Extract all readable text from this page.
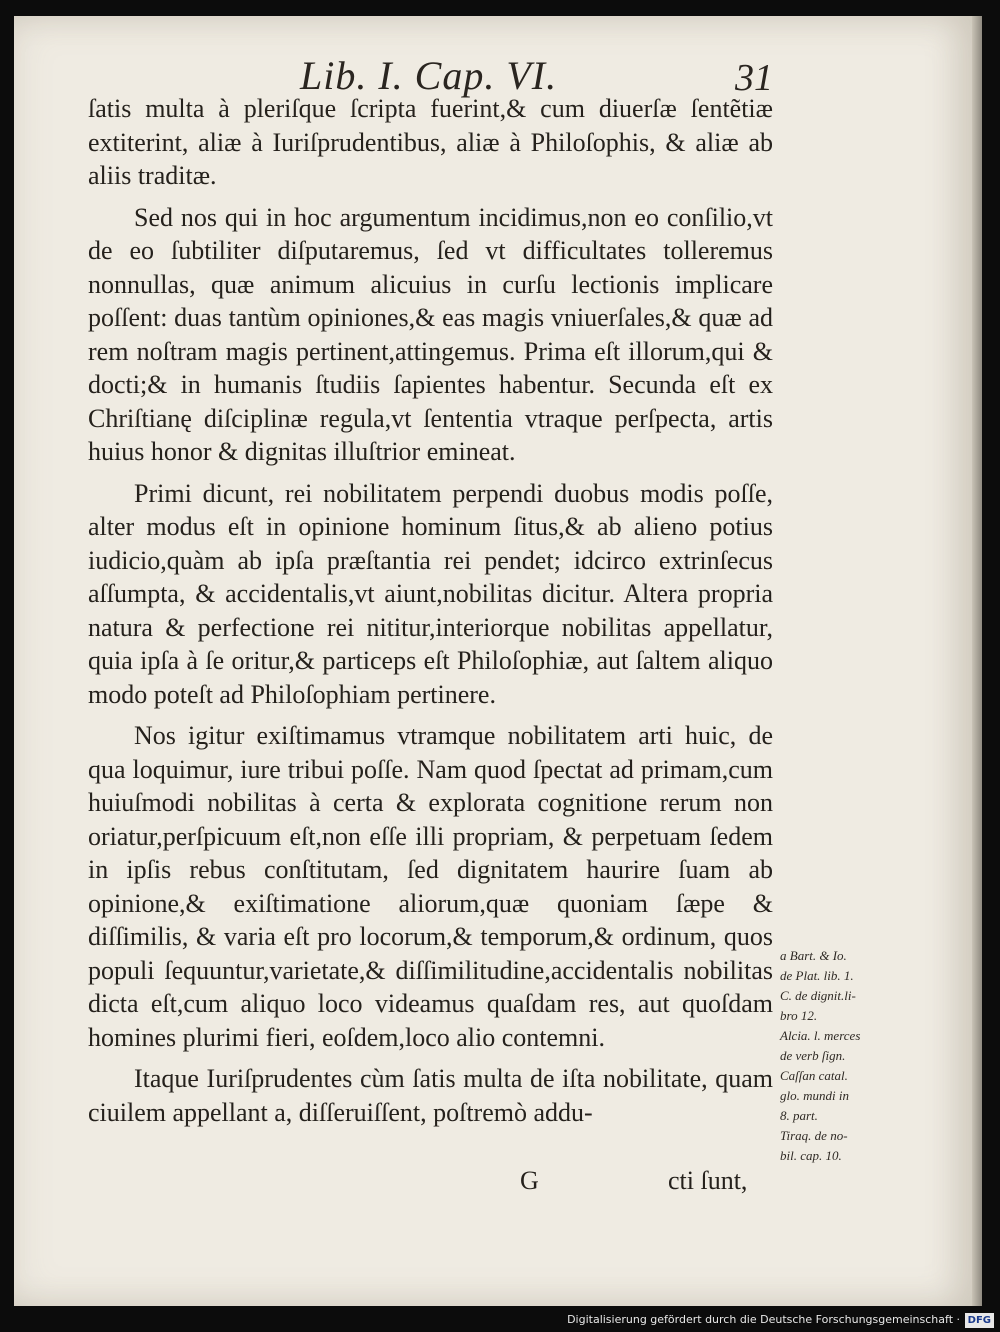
Lib. I. Cap. VI.	31

ſatis multa à pleriſque ſcripta fuerint,& cum diuerſæ ſentẽtiæ extiterint, aliæ à Iuriſprudentibus, aliæ à Philoſophis, & aliæ ab aliis traditæ.

Sed nos qui in hoc argumentum incidimus,non eo conſilio,vt de eo ſubtiliter diſputaremus, ſed vt difficultates tolleremus nonnullas, quæ animum alicuius in curſu lectionis implicare poſſent: duas tantùm opiniones,& eas magis vniuerſales,& quæ ad rem noſtram magis pertinent,attingemus. Prima eſt illorum,qui & docti;& in humanis ſtudiis ſapientes habentur. Secunda eſt ex Chriſtianę diſciplinæ regula,vt ſententia vtraque perſpecta, artis huius honor & dignitas illuſtrior emineat.

Primi dicunt, rei nobilitatem perpendi duobus modis poſſe, alter modus eſt in opinione hominum ſitus,& ab alieno potius iudicio,quàm ab ipſa præſtantia rei pendet; idcirco extrinſecus aſſumpta, & accidentalis,vt aiunt,nobilitas dicitur. Altera propria natura & perfectione rei nititur,interiorque nobilitas appellatur, quia ipſa à ſe oritur,& particeps eſt Philoſophiæ, aut ſaltem aliquo modo poteſt ad Philoſophiam pertinere.

Nos igitur exiſtimamus vtramque nobilitatem arti huic, de qua loquimur, iure tribui poſſe. Nam quod ſpectat ad primam,cum huiuſmodi nobilitas à certa & explorata cognitione rerum non oriatur,perſpicuum eſt,non eſſe illi propriam, & perpetuam ſedem in ipſis rebus conſtitutam, ſed dignitatem haurire ſuam ab opinione,& exiſtimatione aliorum,quæ quoniam ſæpe & diſſimilis, & varia eſt pro locorum,& temporum,& ordinum, quos populi ſequuntur,varietate,& diſſimilitudine,accidentalis nobilitas dicta eſt,cum aliquo loco videamus quaſdam res, aut quoſdam homines plurimi fieri, eoſdem,loco alio contemni.

Itaque Iuriſprudentes cùm ſatis multa de iſta nobilitate, quam ciuilem appellant a, diſſeruiſſent, poſtremò addu-

G	cti ſunt,

a Bart. & Io.

de Plat. lib. 1.

C. de dignit.li-

bro 12.

Alcia. l. merces

de verb ſign.

Caſſan catal.

glo. mundi in

8. part.

Tiraq. de no-

bil. cap. 10.

Digitalisierung gefördert durch die Deutsche Forschungsgemeinschaft · DFG
